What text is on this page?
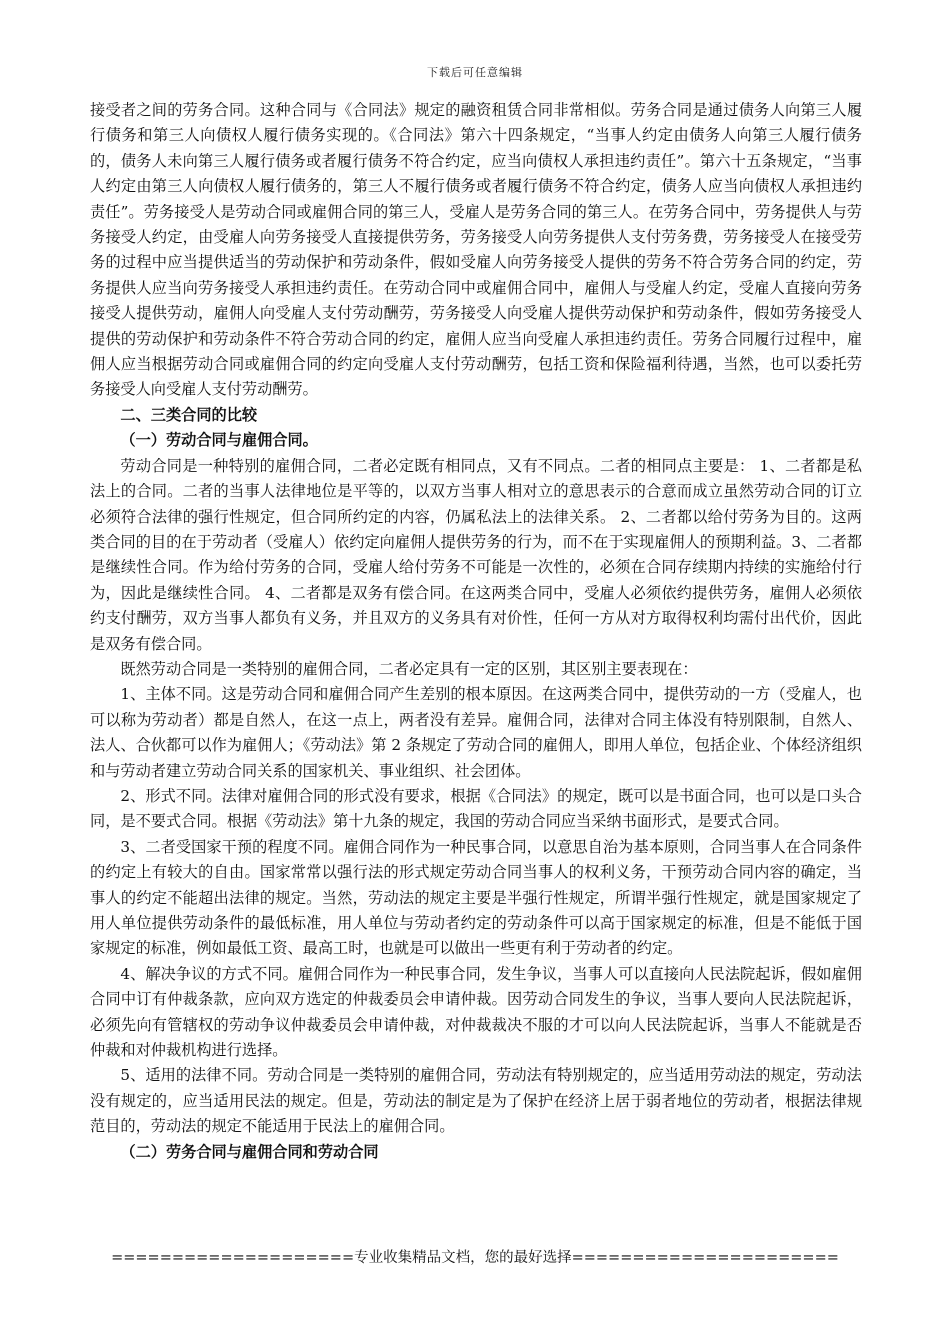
下载后可任意编辑

接受者之间的劳务合同。这种合同与《合同法》规定的融资租赁合同非常相似。劳务合同是通过债务人向第三人履行债务和第三人向债权人履行债务实现的。《合同法》第六十四条规定，“当事人约定由债务人向第三人履行债务的，债务人未向第三人履行债务或者履行债务不符合约定，应当向债权人承担违约责任”。第六十五条规定，“当事人约定由第三人向债权人履行债务的，第三人不履行债务或者履行债务不符合约定，债务人应当向债权人承担违约责任”。劳务接受人是劳动合同或雇佣合同的第三人，受雇人是劳务合同的第三人。在劳务合同中，劳务提供人与劳务接受人约定，由受雇人向劳务接受人直接提供劳务，劳务接受人向劳务提供人支付劳务费，劳务接受人在接受劳务的过程中应当提供适当的劳动保护和劳动条件，假如受雇人向劳务接受人提供的劳务不符合劳务合同的约定，劳务提供人应当向劳务接受人承担违约责任。在劳动合同中或雇佣合同中，雇佣人与受雇人约定，受雇人直接向劳务接受人提供劳动，雇佣人向受雇人支付劳动酬劳，劳务接受人向受雇人提供劳动保护和劳动条件，假如劳务接受人提供的劳动保护和劳动条件不符合劳动合同的约定，雇佣人应当向受雇人承担违约责任。劳务合同履行过程中，雇佣人应当根据劳动合同或雇佣合同的约定向受雇人支付劳动酬劳，包括工资和保险福利待遇，当然，也可以委托劳务接受人向受雇人支付劳动酬劳。

二、三类合同的比较
（一）劳动合同与雇佣合同。

劳动合同是一种特别的雇佣合同，二者必定既有相同点，又有不同点。二者的相同点主要是： 1、二者都是私法上的合同。二者的当事人法律地位是平等的，以双方当事人相对立的意思表示的合意而成立虽然劳动合同的订立必须符合法律的强行性规定，但合同所约定的内容，仍属私法上的法律关系。 2、二者都以给付劳务为目的。这两类合同的目的在于劳动者（受雇人）依约定向雇佣人提供劳务的行为，而不在于实现雇佣人的预期利益。3、二者都是继续性合同。作为给付劳务的合同，受雇人给付劳务不可能是一次性的，必须在合同存续期内持续的实施给付行为，因此是继续性合同。 4、二者都是双务有偿合同。在这两类合同中，受雇人必须依约提供劳务，雇佣人必须依约支付酬劳，双方当事人都负有义务，并且双方的义务具有对价性，任何一方从对方取得权利均需付出代价，因此是双务有偿合同。

既然劳动合同是一类特别的雇佣合同，二者必定具有一定的区别，其区别主要表现在：

1、主体不同。这是劳动合同和雇佣合同产生差别的根本原因。在这两类合同中，提供劳动的一方（受雇人，也可以称为劳动者）都是自然人，在这一点上，两者没有差异。雇佣合同，法律对合同主体没有特别限制，自然人、法人、合伙都可以作为雇佣人；《劳动法》第 2 条规定了劳动合同的雇佣人，即用人单位，包括企业、个体经济组织和与劳动者建立劳动合同关系的国家机关、事业组织、社会团体。

2、形式不同。法律对雇佣合同的形式没有要求，根据《合同法》的规定，既可以是书面合同，也可以是口头合同，是不要式合同。根据《劳动法》第十九条的规定，我国的劳动合同应当采纳书面形式，是要式合同。

3、二者受国家干预的程度不同。雇佣合同作为一种民事合同，以意思自治为基本原则，合同当事人在合同条件的约定上有较大的自由。国家常常以强行法的形式规定劳动合同当事人的权利义务，干预劳动合同内容的确定，当事人的约定不能超出法律的规定。当然，劳动法的规定主要是半强行性规定，所谓半强行性规定，就是国家规定了用人单位提供劳动条件的最低标准，用人单位与劳动者约定的劳动条件可以高于国家规定的标准，但是不能低于国家规定的标准，例如最低工资、最高工时，也就是可以做出一些更有利于劳动者的约定。

4、解决争议的方式不同。雇佣合同作为一种民事合同，发生争议，当事人可以直接向人民法院起诉，假如雇佣合同中订有仲裁条款，应向双方选定的仲裁委员会申请仲裁。因劳动合同发生的争议，当事人要向人民法院起诉，必须先向有管辖权的劳动争议仲裁委员会申请仲裁，对仲裁裁决不服的才可以向人民法院起诉，当事人不能就是否仲裁和对仲裁机构进行选择。

5、适用的法律不同。劳动合同是一类特别的雇佣合同，劳动法有特别规定的，应当适用劳动法的规定，劳动法没有规定的，应当适用民法的规定。但是，劳动法的制定是为了保护在经济上居于弱者地位的劳动者，根据法律规范目的，劳动法的规定不能适用于民法上的雇佣合同。

（二）劳务合同与雇佣合同和劳动合同
====================专业收集精品文档，您的最好选择======================
